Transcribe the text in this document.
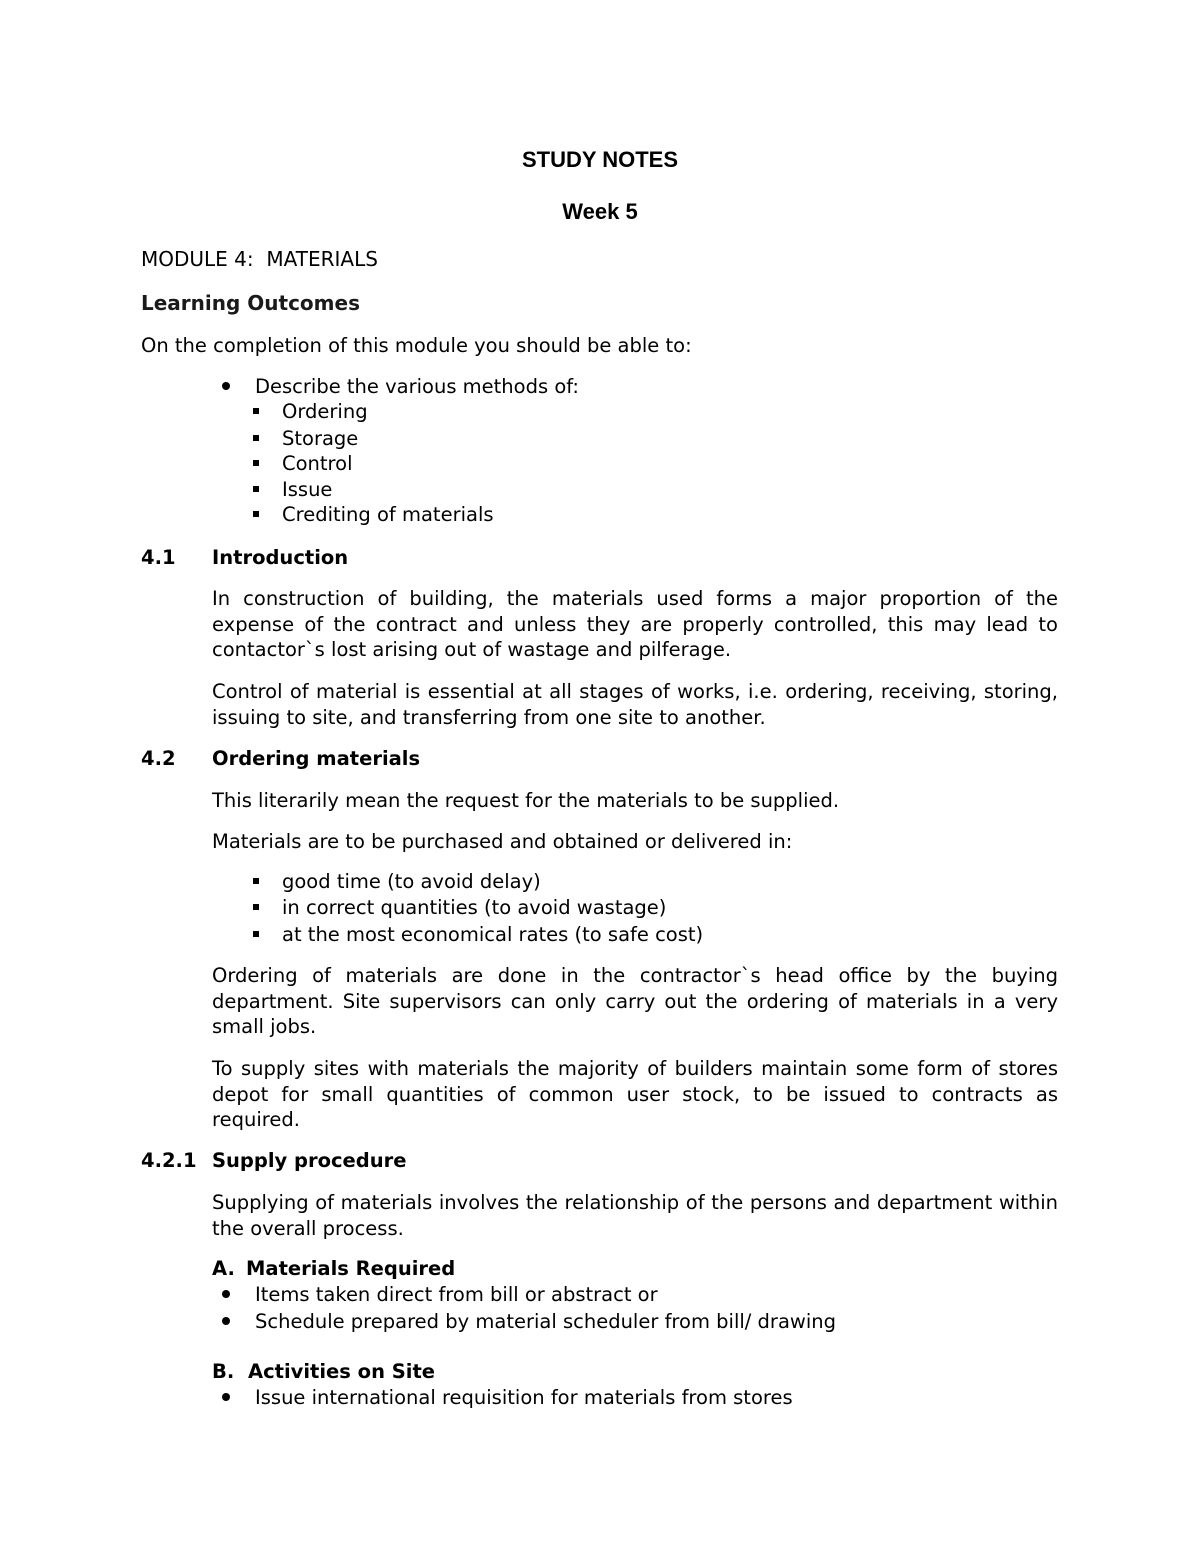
STUDY NOTES
Week 5
MODULE 4:  MATERIALS
Learning Outcomes
On the completion of this module you should be able to:
Describe the various methods of:
Ordering
Storage
Control
Issue
Crediting of materials
4.1 Introduction
In construction of building, the materials used forms a major proportion of the expense of the contract and unless they are properly controlled, this may lead to contactor`s lost arising out of wastage and pilferage.
Control of material is essential at all stages of works, i.e. ordering, receiving, storing, issuing to site, and transferring from one site to another.
4.2 Ordering materials
This literarily mean the request for the materials to be supplied.
Materials are to be purchased and obtained or delivered in:
good time (to avoid delay)
in correct quantities (to avoid wastage)
at the most economical rates (to safe cost)
Ordering of materials are done in the contractor`s head office by the buying department. Site supervisors can only carry out the ordering of materials in a very small jobs.
To supply sites with materials the majority of builders maintain some form of stores depot for small quantities of common user stock, to be issued to contracts as required.
4.2.1 Supply procedure
Supplying of materials involves the relationship of the persons and department within the overall process.
A. Materials Required
Items taken direct from bill or abstract or
Schedule prepared by material scheduler from bill/ drawing
B. Activities on Site
Issue international requisition for materials from stores
